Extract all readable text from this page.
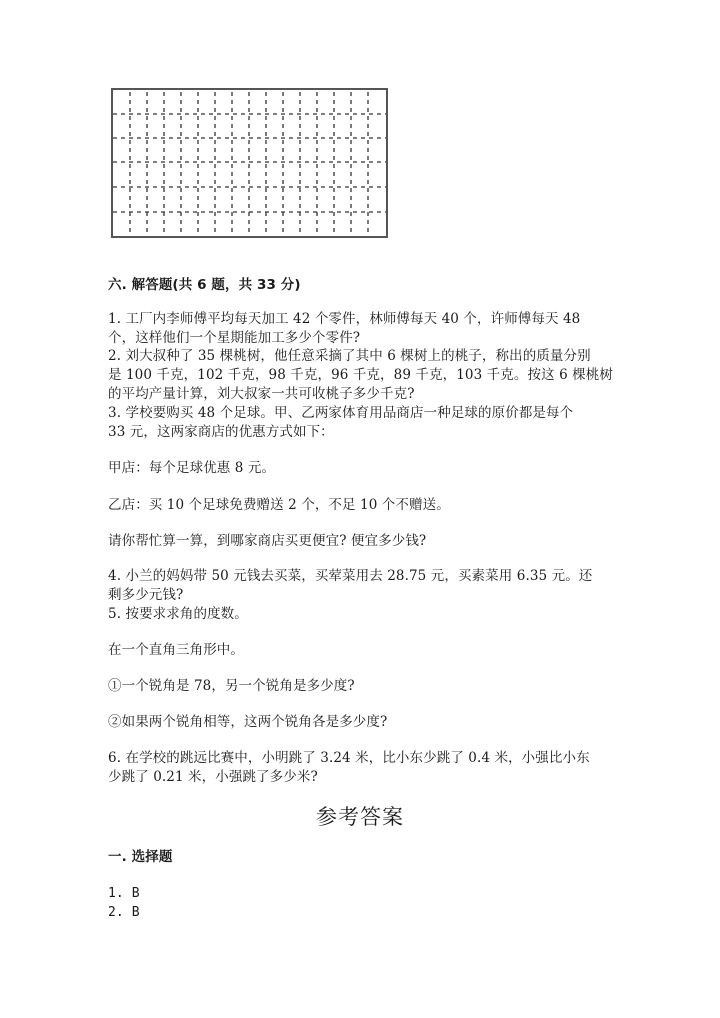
六. 解答题(共 6 题，共 33 分)
1. 工厂内李师傅平均每天加工 42 个零件，林师傅每天 40 个，许师傅每天 48
个，这样他们一个星期能加工多少个零件?
2. 刘大叔种了 35 棵桃树，他任意采摘了其中 6 棵树上的桃子，称出的质量分别
是 100 千克，102 千克，98 千克，96 千克，89 千克，103 千克。按这 6 棵桃树
的平均产量计算，刘大叔家一共可收桃子多少千克?
3. 学校要购买 48 个足球。甲、乙两家体育用品商店一种足球的原价都是每个
33 元，这两家商店的优惠方式如下：
甲店：每个足球优惠 8 元。
乙店：买 10 个足球免费赠送 2 个，不足 10 个不赠送。
请你帮忙算一算，到哪家商店买更便宜? 便宜多少钱?
4. 小兰的妈妈带 50 元钱去买菜，买荤菜用去 28.75 元，买素菜用 6.35 元。还
剩多少元钱?
5. 按要求求角的度数。
在一个直角三角形中。
①一个锐角是 78，另一个锐角是多少度?
②如果两个锐角相等，这两个锐角各是多少度?
6. 在学校的跳远比赛中，小明跳了 3.24 米，比小东少跳了 0.4 米，小强比小东
少跳了 0.21 米，小强跳了多少米?
参考答案
一. 选择题
1. B
2. B
